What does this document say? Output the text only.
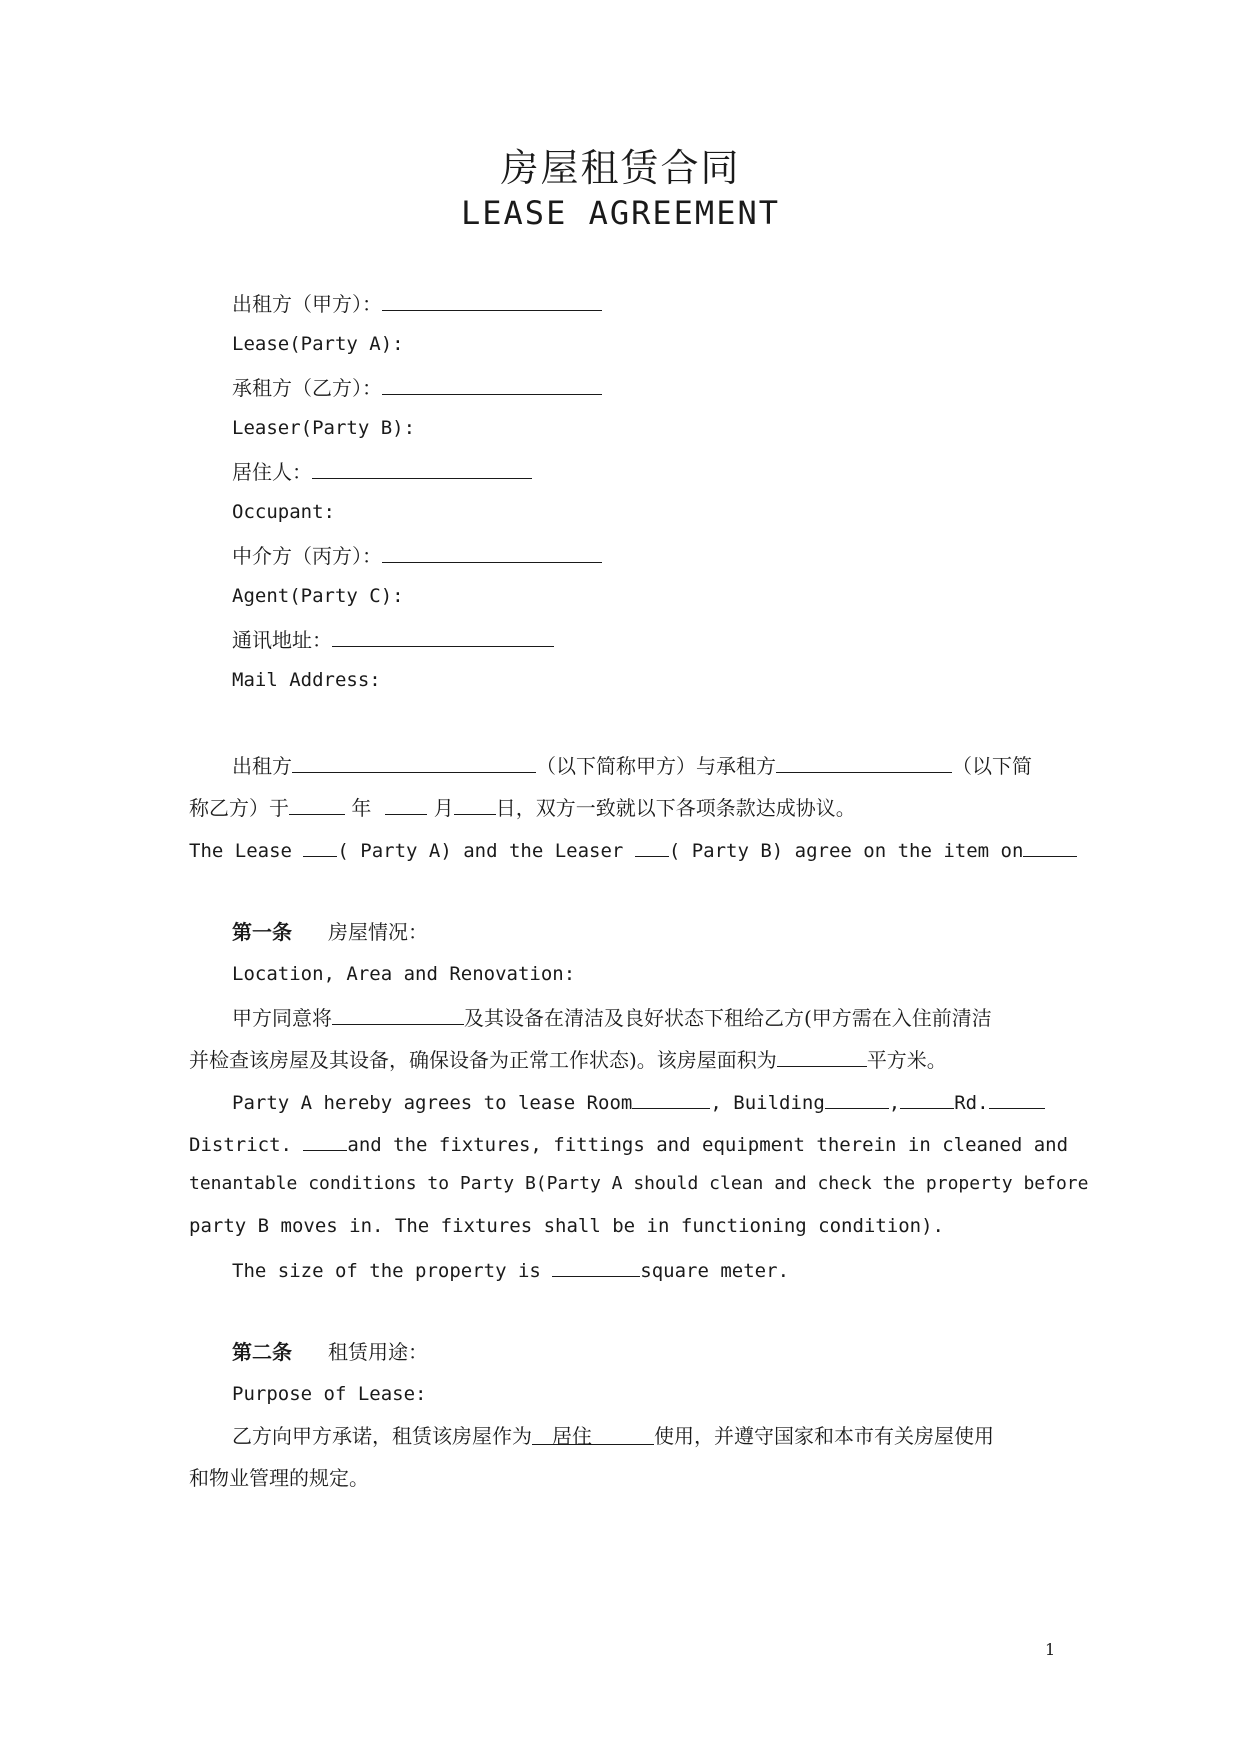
房屋租赁合同
LEASE AGREEMENT
出租方（甲方）：
Lease(Party A):
承租方（乙方）：
Leaser(Party B):
居住人：
Occupant:
中介方（丙方）：
Agent(Party C):
通讯地址：
Mail Address:
出租方	（以下简称甲方）与承租方	（以下简
称乙方）于	年	月 日，双方一致就以下各项条款达成协议。
The Lease ( Party A) and the Leaser ( Party B) agree on the item on
第一条 房屋情况：
Location, Area and Renovation:
甲方同意将	及其设备在清洁及良好状态下租给乙方(甲方需在入住前清洁
并检查该房屋及其设备，确保设备为正常工作状态)。该房屋面积为	平方米。
Party A hereby agrees to lease Room	, Building	,	Rd.
District. and the fixtures, fittings and equipment therein in cleaned and
tenantable conditions to Party B(Party A should clean and check the property before
party B moves in. The fixtures shall be in functioning condition).
The size of the property is	square meter.
第二条 租赁用途：
Purpose of Lease:
乙方向甲方承诺，租赁该房屋作为 居住	使用，并遵守国家和本市有关房屋使用
和物业管理的规定。
1
